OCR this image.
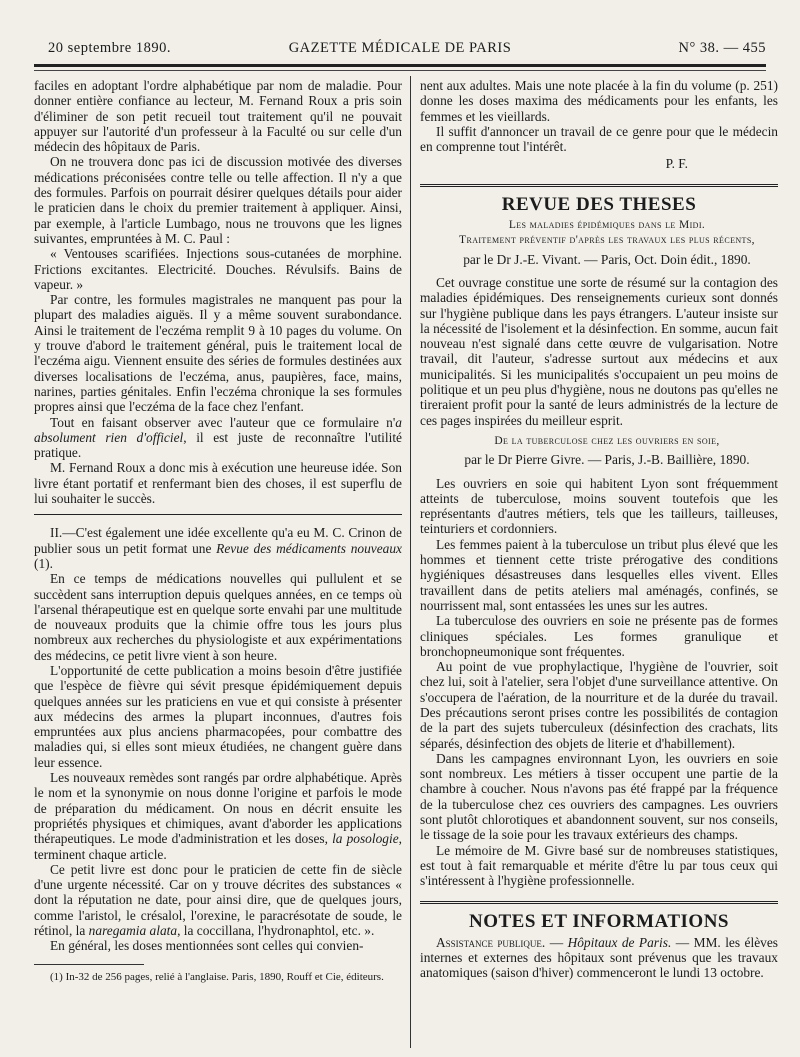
20 septembre 1890.	GAZETTE MÉDICALE DE PARIS	N° 38. — 455

faciles en adoptant l'ordre alphabétique par nom de maladie. Pour donner entière confiance au lecteur, M. Fernand Roux a pris soin d'éliminer de son petit recueil tout traitement qu'il ne pouvait appuyer sur l'autorité d'un professeur à la Faculté ou sur celle d'un médecin des hôpitaux de Paris.

On ne trouvera donc pas ici de discussion motivée des diverses médications préconisées contre telle ou telle affection. Il n'y a que des formules. Parfois on pourrait désirer quelques détails pour aider le praticien dans le choix du premier traitement à appliquer. Ainsi, par exemple, à l'article Lumbago, nous ne trouvons que les lignes suivantes, empruntées à M. C. Paul :

« Ventouses scarifiées. Injections sous-cutanées de morphine. Frictions excitantes. Electricité. Douches. Révulsifs. Bains de vapeur. »

Par contre, les formules magistrales ne manquent pas pour la plupart des maladies aiguës. Il y a même souvent surabondance. Ainsi le traitement de l'eczéma remplit 9 à 10 pages du volume. On y trouve d'abord le traitement général, puis le traitement local de l'eczéma aigu. Viennent ensuite des séries de formules destinées aux diverses localisations de l'eczéma, anus, paupières, face, mains, narines, parties génitales. Enfin l'eczéma chronique la ses formules propres ainsi que l'eczéma de la face chez l'enfant.

Tout en faisant observer avec l'auteur que ce formulaire n'a absolument rien d'officiel, il est juste de reconnaître l'utilité pratique.

M. Fernand Roux a donc mis à exécution une heureuse idée. Son livre étant portatif et renfermant bien des choses, il est superflu de lui souhaiter le succès.

II.—C'est également une idée excellente qu'a eu M. C. Crinon de publier sous un petit format une Revue des médicaments nouveaux (1).

En ce temps de médications nouvelles qui pullulent et se succèdent sans interruption depuis quelques années, en ce temps où l'arsenal thérapeutique est en quelque sorte envahi par une multitude de nouveaux produits que la chimie offre tous les jours plus nombreux aux recherches du physiologiste et aux expérimentations des médecins, ce petit livre vient à son heure.

L'opportunité de cette publication a moins besoin d'être justifiée que l'espèce de fièvre qui sévit presque épidémiquement depuis quelques années sur les praticiens en vue et qui consiste à présenter aux médecins des armes la plupart inconnues, d'autres fois empruntées aux plus anciens pharmacopées, pour combattre des maladies qui, si elles sont mieux étudiées, ne changent guère dans leur essence.

Les nouveaux remèdes sont rangés par ordre alphabétique. Après le nom et la synonymie on nous donne l'origine et parfois le mode de préparation du médicament. On nous en décrit ensuite les propriétés physiques et chimiques, avant d'aborder les applications thérapeutiques. Le mode d'administration et les doses, la posologie, terminent chaque article.

Ce petit livre est donc pour le praticien de cette fin de siècle d'une urgente nécessité. Car on y trouve décrites des substances « dont la réputation ne date, pour ainsi dire, que de quelques jours, comme l'aristol, le crésalol, l'orexine, le paracrésotate de soude, le rétinol, la naregamia alata, la coccillana, l'hydronaphtol, etc. ».

En général, les doses mentionnées sont celles qui convien-

(1) In-32 de 256 pages, relié à l'anglaise. Paris, 1890, Rouff et Cie, éditeurs.

nent aux adultes. Mais une note placée à la fin du volume (p. 251) donne les doses maxima des médicaments pour les enfants, les femmes et les vieillards.

Il suffit d'annoncer un travail de ce genre pour que le médecin en comprenne tout l'intérêt.

P. F.
REVUE DES THESES

Les maladies épidémiques dans le Midi.

Traitement préventif d'après les travaux les plus récents,

par le Dr J.-E. Vivant. — Paris, Oct. Doin édit., 1890.

Cet ouvrage constitue une sorte de résumé sur la contagion des maladies épidémiques. Des renseignements curieux sont donnés sur l'hygiène publique dans les pays étrangers. L'auteur insiste sur la nécessité de l'isolement et la désinfection. En somme, aucun fait nouveau n'est signalé dans cette œuvre de vulgarisation. Notre travail, dit l'auteur, s'adresse surtout aux médecins et aux municipalités. Si les municipalités s'occupaient un peu moins de politique et un peu plus d'hygiène, nous ne doutons pas qu'elles ne tireraient profit pour la santé de leurs administrés de la lecture de ces pages inspirées du meilleur esprit.

De la tuberculose chez les ouvriers en soie,

par le Dr Pierre Givre. — Paris, J.-B. Baillière, 1890.

Les ouvriers en soie qui habitent Lyon sont fréquemment atteints de tuberculose, moins souvent toutefois que les représentants d'autres métiers, tels que les tailleurs, tailleuses, teinturiers et cordonniers.

Les femmes paient à la tuberculose un tribut plus élevé que les hommes et tiennent cette triste prérogative des conditions hygiéniques désastreuses dans lesquelles elles vivent. Elles travaillent dans de petits ateliers mal aménagés, confinés, se nourrissent mal, sont entassées les unes sur les autres.

La tuberculose des ouvriers en soie ne présente pas de formes cliniques spéciales. Les formes granulique et bronchopneumonique sont fréquentes.

Au point de vue prophylactique, l'hygiène de l'ouvrier, soit chez lui, soit à l'atelier, sera l'objet d'une surveillance attentive. On s'occupera de l'aération, de la nourriture et de la durée du travail. Des précautions seront prises contre les possibilités de contagion de la part des sujets tuberculeux (désinfection des crachats, lits séparés, désinfection des objets de literie et d'habillement).

Dans les campagnes environnant Lyon, les ouvriers en soie sont nombreux. Les métiers à tisser occupent une partie de la chambre à coucher. Nous n'avons pas été frappé par la fréquence de la tuberculose chez ces ouvriers des campagnes. Les ouvriers sont plutôt chlorotiques et abandonnent souvent, sur nos conseils, le tissage de la soie pour les travaux extérieurs des champs.

Le mémoire de M. Givre basé sur de nombreuses statistiques, est tout à fait remarquable et mérite d'être lu par tous ceux qui s'intéressent à l'hygiène professionnelle.

NOTES ET INFORMATIONS

Assistance publique. — Hôpitaux de Paris. — MM. les élèves internes et externes des hôpitaux sont prévenus que les travaux anatomiques (saison d'hiver) commenceront le lundi 13 octobre.
